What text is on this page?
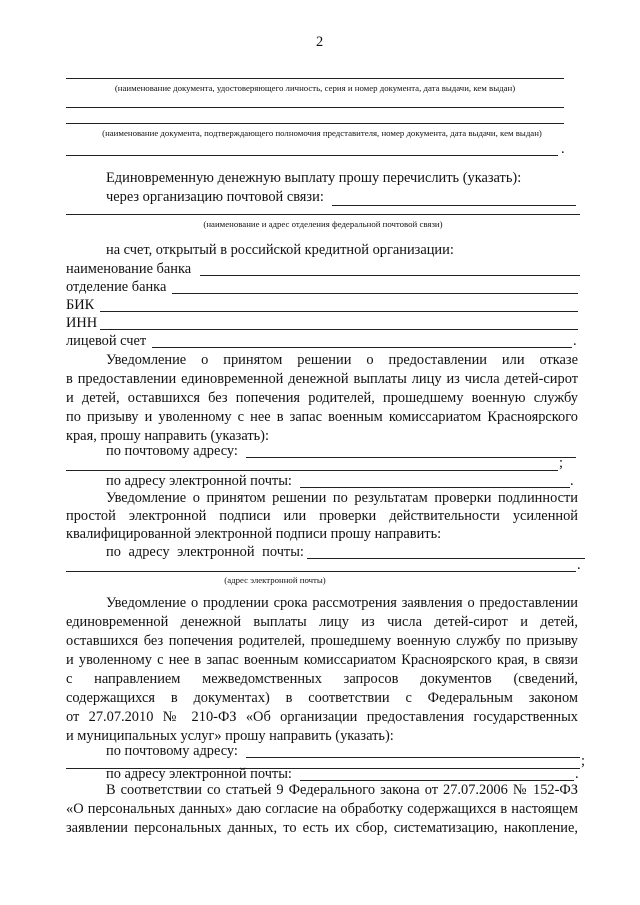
2
(наименование документа, удостоверяющего личность, серия и номер документа, дата выдачи, кем выдан)
(наименование документа, подтверждающего полномочия представителя, номер документа, дата выдачи, кем выдан)
.
Единовременную денежную выплату прошу перечислить (указать):
через организацию почтовой связи:
(наименование и адрес отделения федеральной почтовой связи)
на счет, открытый в российской кредитной организации:
наименование банка
отделение банка
БИК
ИНН
лицевой счет	.
Уведомление о принятом решении о предоставлении или отказе
в предоставлении единовременной денежной выплаты лицу из числа детей-сирот
и детей, оставшихся без попечения родителей, прошедшему военную службу
по призыву и уволенному с нее в запас военным комиссариатом Красноярского
края, прошу направить (указать):
по почтовому адресу:
;
по адресу электронной почты:	.
Уведомление о принятом решении по результатам проверки подлинности
простой электронной подписи или проверки действительности усиленной
квалифицированной электронной подписи прошу направить:
по адресу электронной почты:
.
(адрес электронной почты)
Уведомление о продлении срока рассмотрения заявления о предоставлении
единовременной денежной выплаты лицу из числа детей-сирот и детей,
оставшихся без попечения родителей, прошедшему военную службу по призыву
и уволенному с нее в запас военным комиссариатом Красноярского края, в связи
с направлением межведомственных запросов документов (сведений,
содержащихся в документах) в соответствии с Федеральным законом
от 27.07.2010 № 210-ФЗ «Об организации предоставления государственных
и муниципальных услуг» прошу направить (указать):
по почтовому адресу:
;
по адресу электронной почты:	.
В соответствии со статьей 9 Федерального закона от 27.07.2006 № 152-ФЗ
«О персональных данных» даю согласие на обработку содержащихся в настоящем
заявлении персональных данных, то есть их сбор, систематизацию, накопление,
